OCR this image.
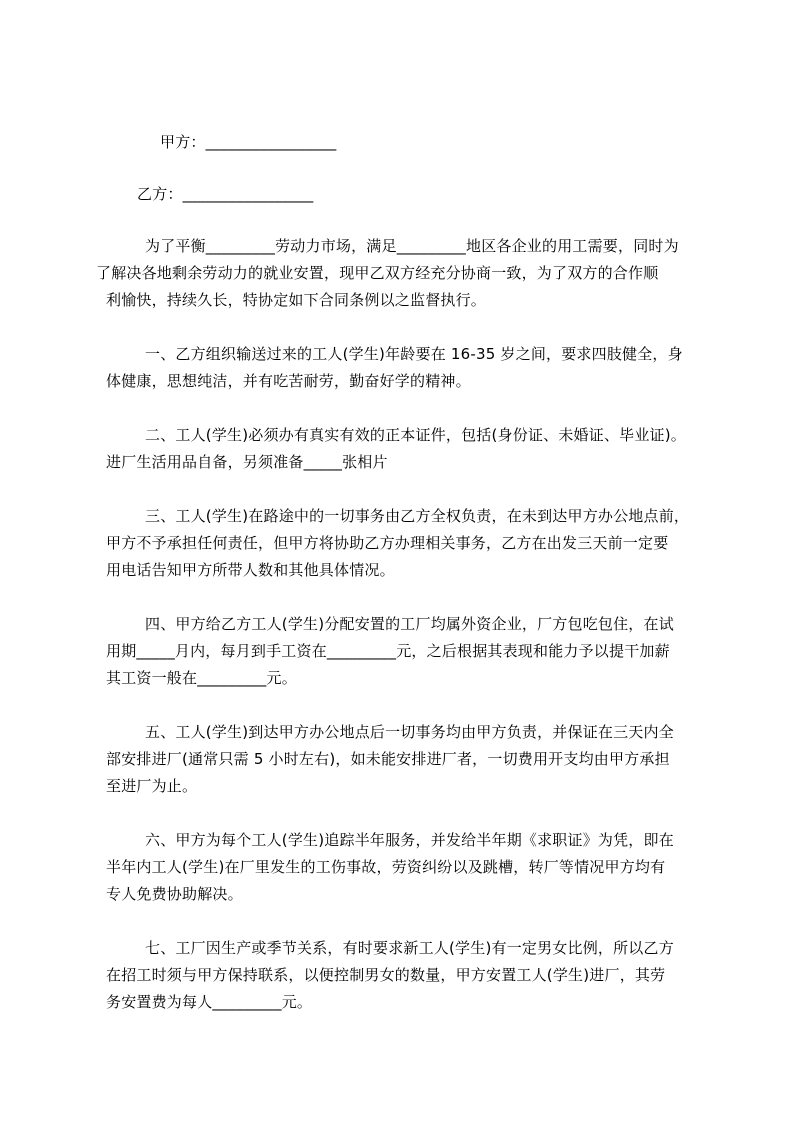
甲方：_________________

乙方：_________________

为了平衡_________劳动力市场，满足_________地区各企业的用工需要，同时为

了解决各地剩余劳动力的就业安置，现甲乙双方经充分协商一致，为了双方的合作顺

利愉快，持续久长，特协定如下合同条例以之监督执行。

一、乙方组织输送过来的工人(学生)年龄要在 16-35 岁之间，要求四肢健全，身

体健康，思想纯洁，并有吃苦耐劳，勤奋好学的精神。

二、工人(学生)必须办有真实有效的正本证件，包括(身份证、未婚证、毕业证)。

进厂生活用品自备，另须准备_____张相片

三、工人(学生)在路途中的一切事务由乙方全权负责，在未到达甲方办公地点前，

甲方不予承担任何责任，但甲方将协助乙方办理相关事务，乙方在出发三天前一定要

用电话告知甲方所带人数和其他具体情况。

四、甲方给乙方工人(学生)分配安置的工厂均属外资企业，厂方包吃包住，在试

用期_____月内，每月到手工资在_________元，之后根据其表现和能力予以提干加薪

其工资一般在_________元。

五、工人(学生)到达甲方办公地点后一切事务均由甲方负责，并保证在三天内全

部安排进厂(通常只需 5 小时左右)，如未能安排进厂者，一切费用开支均由甲方承担

至进厂为止。

六、甲方为每个工人(学生)追踪半年服务，并发给半年期《求职证》为凭，即在

半年内工人(学生)在厂里发生的工伤事故，劳资纠纷以及跳槽，转厂等情况甲方均有

专人免费协助解决。

七、工厂因生产或季节关系，有时要求新工人(学生)有一定男女比例，所以乙方

在招工时须与甲方保持联系，以便控制男女的数量，甲方安置工人(学生)进厂，其劳

务安置费为每人_________元。
